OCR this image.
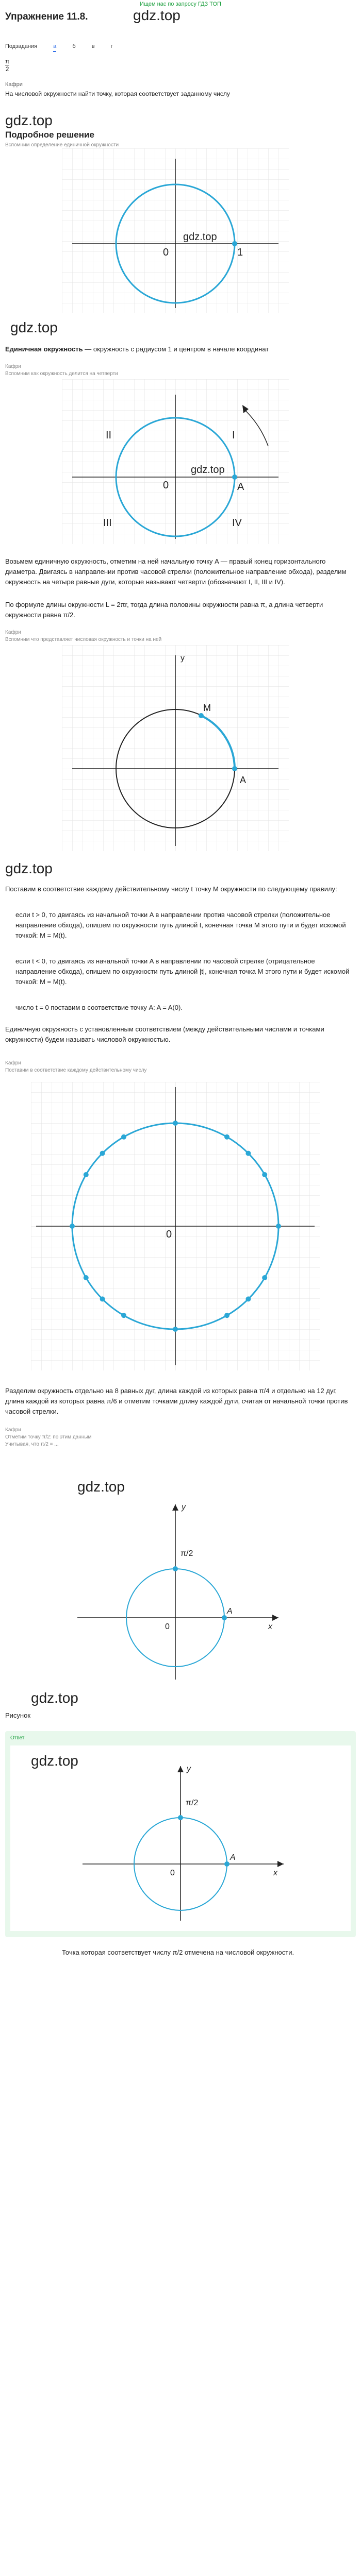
Ищем нас по запросу ГДЗ ТОП
Упражнение 11.8.
Подзадания	а	б	в	г
gdz.top
$\frac{\pi}{2}$
Кафри
На числовой окружности найти точку, которая соответствует заданному числу
gdz.top
Подробное решение
Вспомним определение единичной окружности
0	1
gdz.top
gdz.top
Единичная окружность — окружность с радиусом 1 и центром в начале координат
Кафри
Вспомним как окружность делится на четверти
A
0
I
II
III	IV
gdz.top
Возьмем единичную окружность, отметим на ней начальную точку A — правый конец горизонтального диаметра. Двигаясь в направлении против часовой стрелки (положительное направление обхода), разделим окружность на четыре равные дуги, которые называют четверти (обозначают I, II, III и IV).
По формуле длины окружности L = 2πr, тогда длина половины окружности равна π, а длина четверти окружности равна π/2.
Кафри
Вспомним что представляет числовая окружность и точки на ней
y
M
A
gdz.top
Поставим в соответствие каждому действительному числу t точку M окружности по следующему правилу:
если t > 0, то двигаясь из начальной точки A в направлении против часовой стрелки (положительное направление обхода), опишем по окружности путь длиной t, конечная точка M этого пути и будет искомой точкой: M = M(t).
если t < 0, то двигаясь из начальной точки A в направлении по часовой стрелке (отрицательное направление обхода), опишем по окружности путь длиной |t|, конечная точка M этого пути и будет искомой точкой: M = M(t).
число t = 0 поставим в соответствие точку A: A = A(0).
Единичную окружность с установленным соответствием (между действительными числами и точками окружности) будем называть числовой окружностью.
Кафри
Поставим в соответствие каждому действительному числу
0
Разделим окружность отдельно на 8 равных дуг, длина каждой из которых равна π/4 и отдельно на 12 дуг, длина каждой из которых равна π/6 и отметим точками длину каждой дуги, считая от начальной точки против часовой стрелки.
Кафри
Отметим точку π/2: по этим данным
Учитывая, что π/2 = ...
gdz.top
y
x
0
A
π/2
gdz.top
Рисунок
Ответ
gdz.top
y
x
0
A
π/2
Точка которая соответствует числу π/2 отмечена на числовой окружности.
